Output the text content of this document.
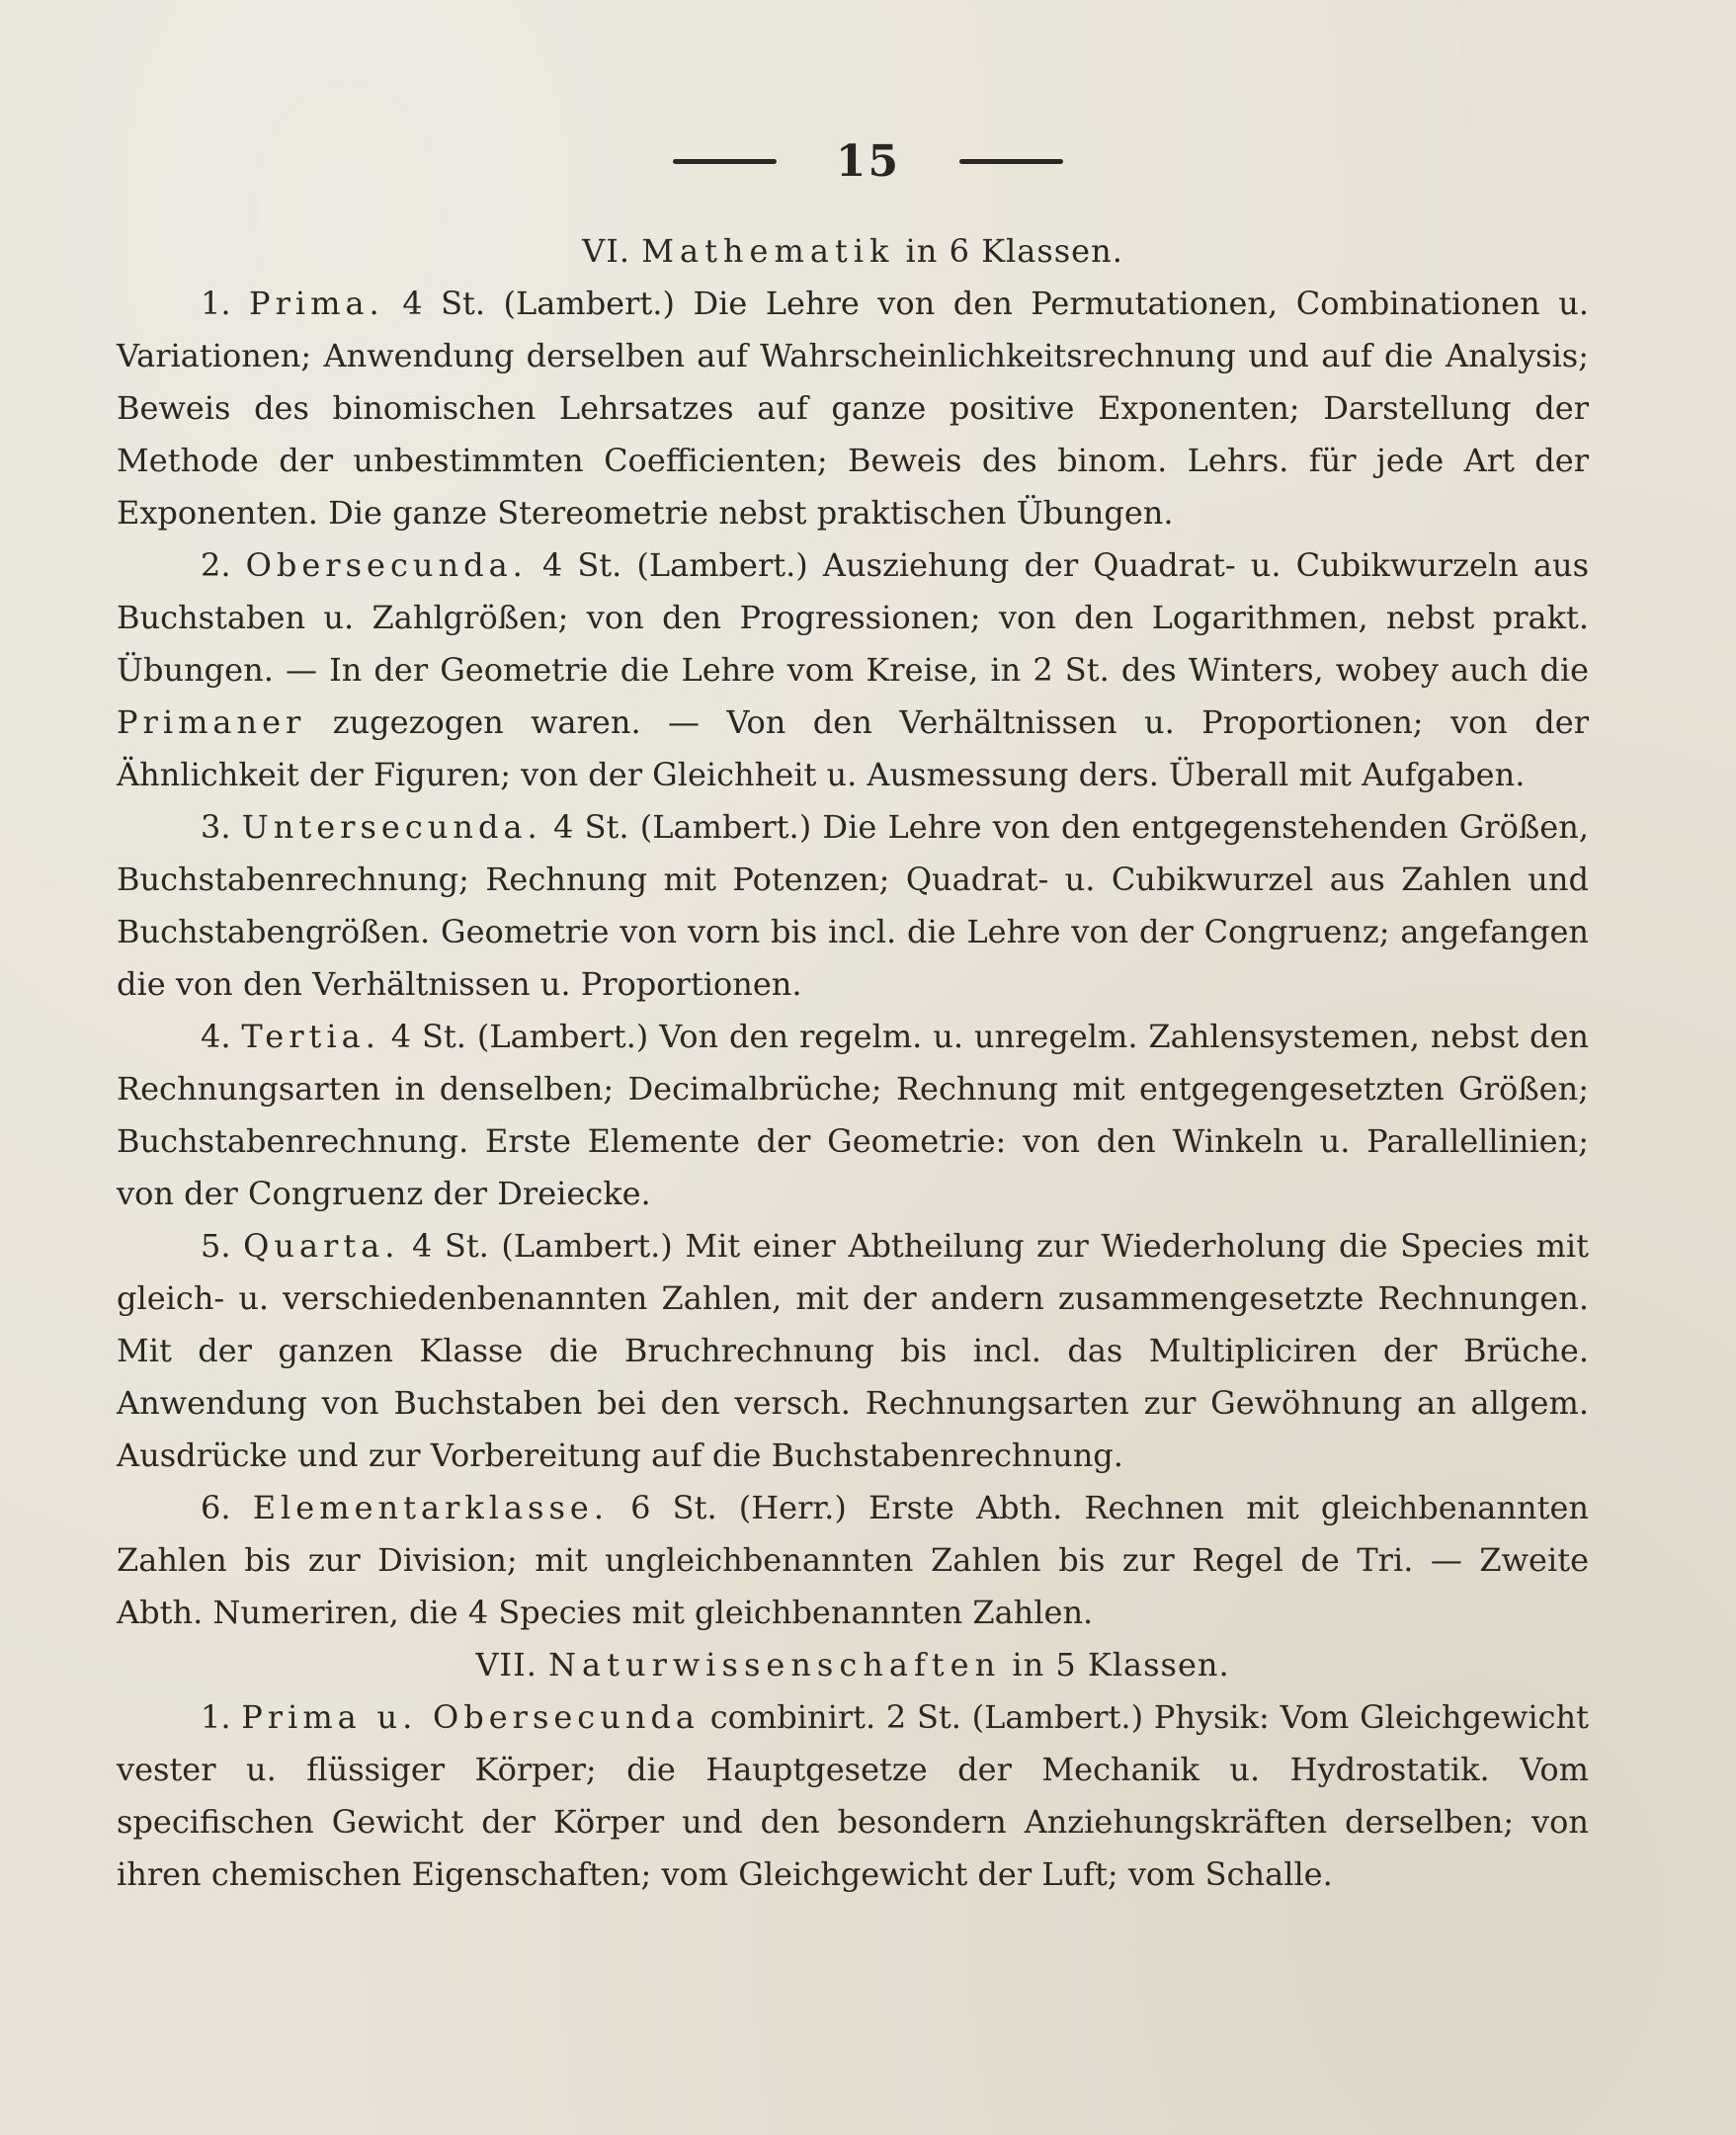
15

VI. Mathematik in 6 Klassen.

1. Prima. 4 St. (Lambert.) Die Lehre von den Permutationen, Combinationen u. Variationen; Anwendung derselben auf Wahrscheinlichkeitsrechnung und auf die Analysis; Beweis des binomischen Lehrsatzes auf ganze positive Exponenten; Darstellung der Methode der unbestimmten Coefficienten; Beweis des binom. Lehrs. für jede Art der Exponenten. Die ganze Stereometrie nebst praktischen Übungen.

2. Obersecunda. 4 St. (Lambert.) Ausziehung der Quadrat- u. Cubikwurzeln aus Buchstaben u. Zahlgrößen; von den Progressionen; von den Logarithmen, nebst prakt. Übungen. — In der Geometrie die Lehre vom Kreise, in 2 St. des Winters, wobey auch die Primaner zugezogen waren. — Von den Verhältnissen u. Proportionen; von der Ähnlichkeit der Figuren; von der Gleichheit u. Ausmessung ders. Überall mit Aufgaben.

3. Untersecunda. 4 St. (Lambert.) Die Lehre von den entgegenstehenden Größen, Buchstabenrechnung; Rechnung mit Potenzen; Quadrat- u. Cubikwurzel aus Zahlen und Buchstabengrößen. Geometrie von vorn bis incl. die Lehre von der Congruenz; angefangen die von den Verhältnissen u. Proportionen.

4. Tertia. 4 St. (Lambert.) Von den regelm. u. unregelm. Zahlensystemen, nebst den Rechnungsarten in denselben; Decimalbrüche; Rechnung mit entgegengesetzten Größen; Buchstabenrechnung. Erste Elemente der Geometrie: von den Winkeln u. Parallellinien; von der Congruenz der Dreiecke.

5. Quarta. 4 St. (Lambert.) Mit einer Abtheilung zur Wiederholung die Species mit gleich- u. verschiedenbenannten Zahlen, mit der andern zusammengesetzte Rechnungen. Mit der ganzen Klasse die Bruchrechnung bis incl. das Multipliciren der Brüche. Anwendung von Buchstaben bei den versch. Rechnungsarten zur Gewöhnung an allgem. Ausdrücke und zur Vorbereitung auf die Buchstabenrechnung.

6. Elementarklasse. 6 St. (Herr.) Erste Abth. Rechnen mit gleichbenannten Zahlen bis zur Division; mit ungleichbenannten Zahlen bis zur Regel de Tri. — Zweite Abth. Numeriren, die 4 Species mit gleichbenannten Zahlen.

VII. Naturwissenschaften in 5 Klassen.

1. Prima u. Obersecunda combinirt. 2 St. (Lambert.) Physik: Vom Gleichgewicht vester u. flüssiger Körper; die Hauptgesetze der Mechanik u. Hydrostatik. Vom specifischen Gewicht der Körper und den besondern Anziehungskräften derselben; von ihren chemischen Eigenschaften; vom Gleichgewicht der Luft; vom Schalle.
